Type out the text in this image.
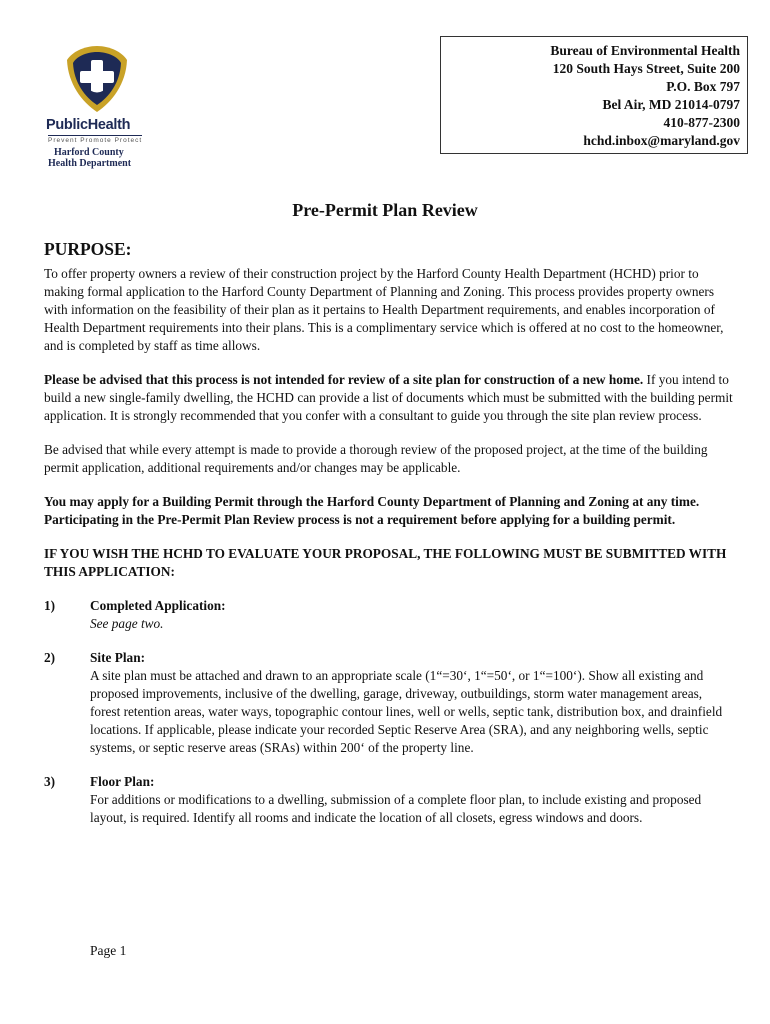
PublicHealth
Prevent Promote Protect
Harford County
Health Department
Bureau of Environmental Health
120 South Hays Street, Suite 200
P.O. Box 797
Bel Air, MD 21014-0797
410-877-2300
hchd.inbox@maryland.gov
Pre-Permit Plan Review
PURPOSE:

To offer property owners a review of their construction project by the Harford County Health Department (HCHD) prior to making formal application to the Harford County Department of Planning and Zoning. This process provides property owners with information on the feasibility of their plan as it pertains to Health Department requirements, and enables incorporation of Health Department requirements into their plans. This is a complimentary service which is offered at no cost to the homeowner, and is completed by staff as time allows.

Please be advised that this process is not intended for review of a site plan for construction of a new home. If you intend to build a new single-family dwelling, the HCHD can provide a list of documents which must be submitted with the building permit application. It is strongly recommended that you confer with a consultant to guide you through the site plan review process.

Be advised that while every attempt is made to provide a thorough review of the proposed project, at the time of the building permit application, additional requirements and/or changes may be applicable.

You may apply for a Building Permit through the Harford County Department of Planning and Zoning at any time. Participating in the Pre-Permit Plan Review process is not a requirement before applying for a building permit.

IF YOU WISH THE HCHD TO EVALUATE YOUR PROPOSAL, THE FOLLOWING MUST BE SUBMITTED WITH THIS APPLICATION:

1)	Completed Application:
See page two.
2)	Site Plan:
A site plan must be attached and drawn to an appropriate scale (1“=30‘, 1“=50‘, or 1“=100‘). Show all existing and proposed improvements, inclusive of the dwelling, garage, driveway, outbuildings, storm water management areas, forest retention areas, water ways, topographic contour lines, well or wells, septic tank, distribution box, and drainfield locations. If applicable, please indicate your recorded Septic Reserve Area (SRA), and any neighboring wells, septic systems, or septic reserve areas (SRAs) within 200‘ of the property line.
3)	Floor Plan:
For additions or modifications to a dwelling, submission of a complete floor plan, to include existing and proposed layout, is required. Identify all rooms and indicate the location of all closets, egress windows and doors.
Page 1
